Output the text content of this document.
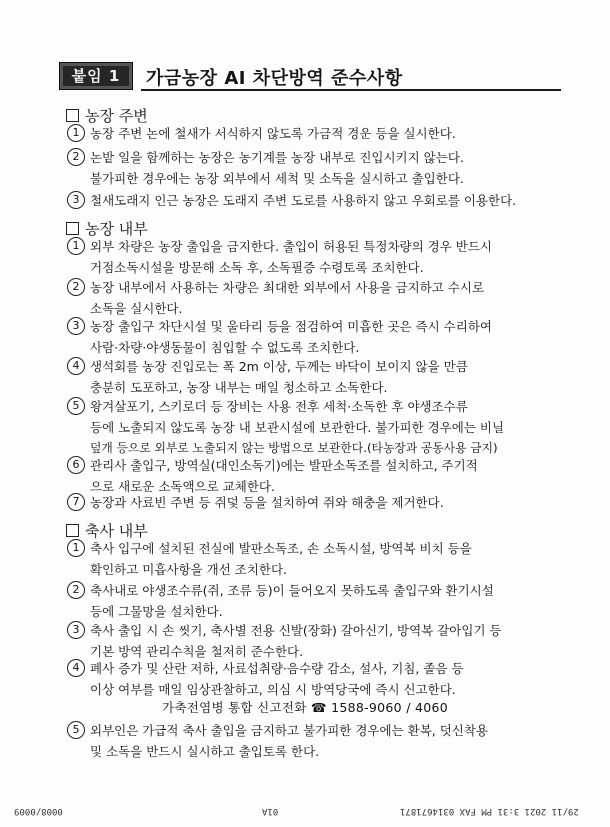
붙임 1	가금농장 AI 차단방역 준수사항
농장 주변
1 농장 주변 논에 철새가 서식하지 않도록 가금적 경운 등을 실시한다.
2 논밭 일을 함께하는 농장은 농기계를 농장 내부로 진입시키지 않는다.
불가피한 경우에는 농장 외부에서 세척 및 소독을 실시하고 출입한다.
3 철새도래지 인근 농장은 도래지 주변 도로를 사용하지 않고 우회로를 이용한다.
농장 내부
1 외부 차량은 농장 출입을 금지한다. 출입이 허용된 특정차량의 경우 반드시
거점소독시설을 방문해 소독 후, 소독필증 수령토록 조치한다.
2 농장 내부에서 사용하는 차량은 최대한 외부에서 사용을 금지하고 수시로
소독을 실시한다.
3 농장 출입구 차단시설 및 울타리 등을 점검하여 미흡한 곳은 즉시 수리하여
사람·차량·야생동물이 침입할 수 없도록 조치한다.
4 생석회를 농장 진입로는 폭 2m 이상, 두께는 바닥이 보이지 않을 만큼
충분히 도포하고, 농장 내부는 매일 청소하고 소독한다.
5 왕겨살포기, 스키로더 등 장비는 사용 전후 세척·소독한 후 야생조수류
등에 노출되지 않도록 농장 내 보관시설에 보관한다. 불가피한 경우에는 비닐
덮개 등으로 외부로 노출되지 않는 방법으로 보관한다.(타농장과 공동사용 금지)
6 관리사 출입구, 방역실(대인소독기)에는 발판소독조를 설치하고, 주기적
으로 새로운 소독액으로 교체한다.
7 농장과 사료빈 주변 등 쥐덫 등을 설치하여 쥐와 해충을 제거한다.
축사 내부
1 축사 입구에 설치된 전실에 발판소독조, 손 소독시설, 방역복 비치 등을
확인하고 미흡사항을 개선 조치한다.
2 축사내로 야생조수류(쥐, 조류 등)이 들어오지 못하도록 출입구와 환기시설
등에 그물망을 설치한다.
3 축사 출입 시 손 씻기, 축사별 전용 신발(장화) 갈아신기, 방역복 갈아입기 등
기본 방역 관리수칙을 철저히 준수한다.
4 폐사 증가 및 산란 저하, 사료섭취량·음수량 감소, 설사, 기침, 졸음 등
이상 여부를 매일 임상관찰하고, 의심 시 방역당국에 즉시 신고한다.
가축전염병 통합 신고전화 ☎ 1588-9060 / 4060
5 외부인은 가급적 축사 출입을 금지하고 불가피한 경우에는 환복, 덧신착용
및 소독을 반드시 실시하고 출입토록 한다.
29/11 2021 3:31 PM FAX 0314671871
01A
0008/0009
